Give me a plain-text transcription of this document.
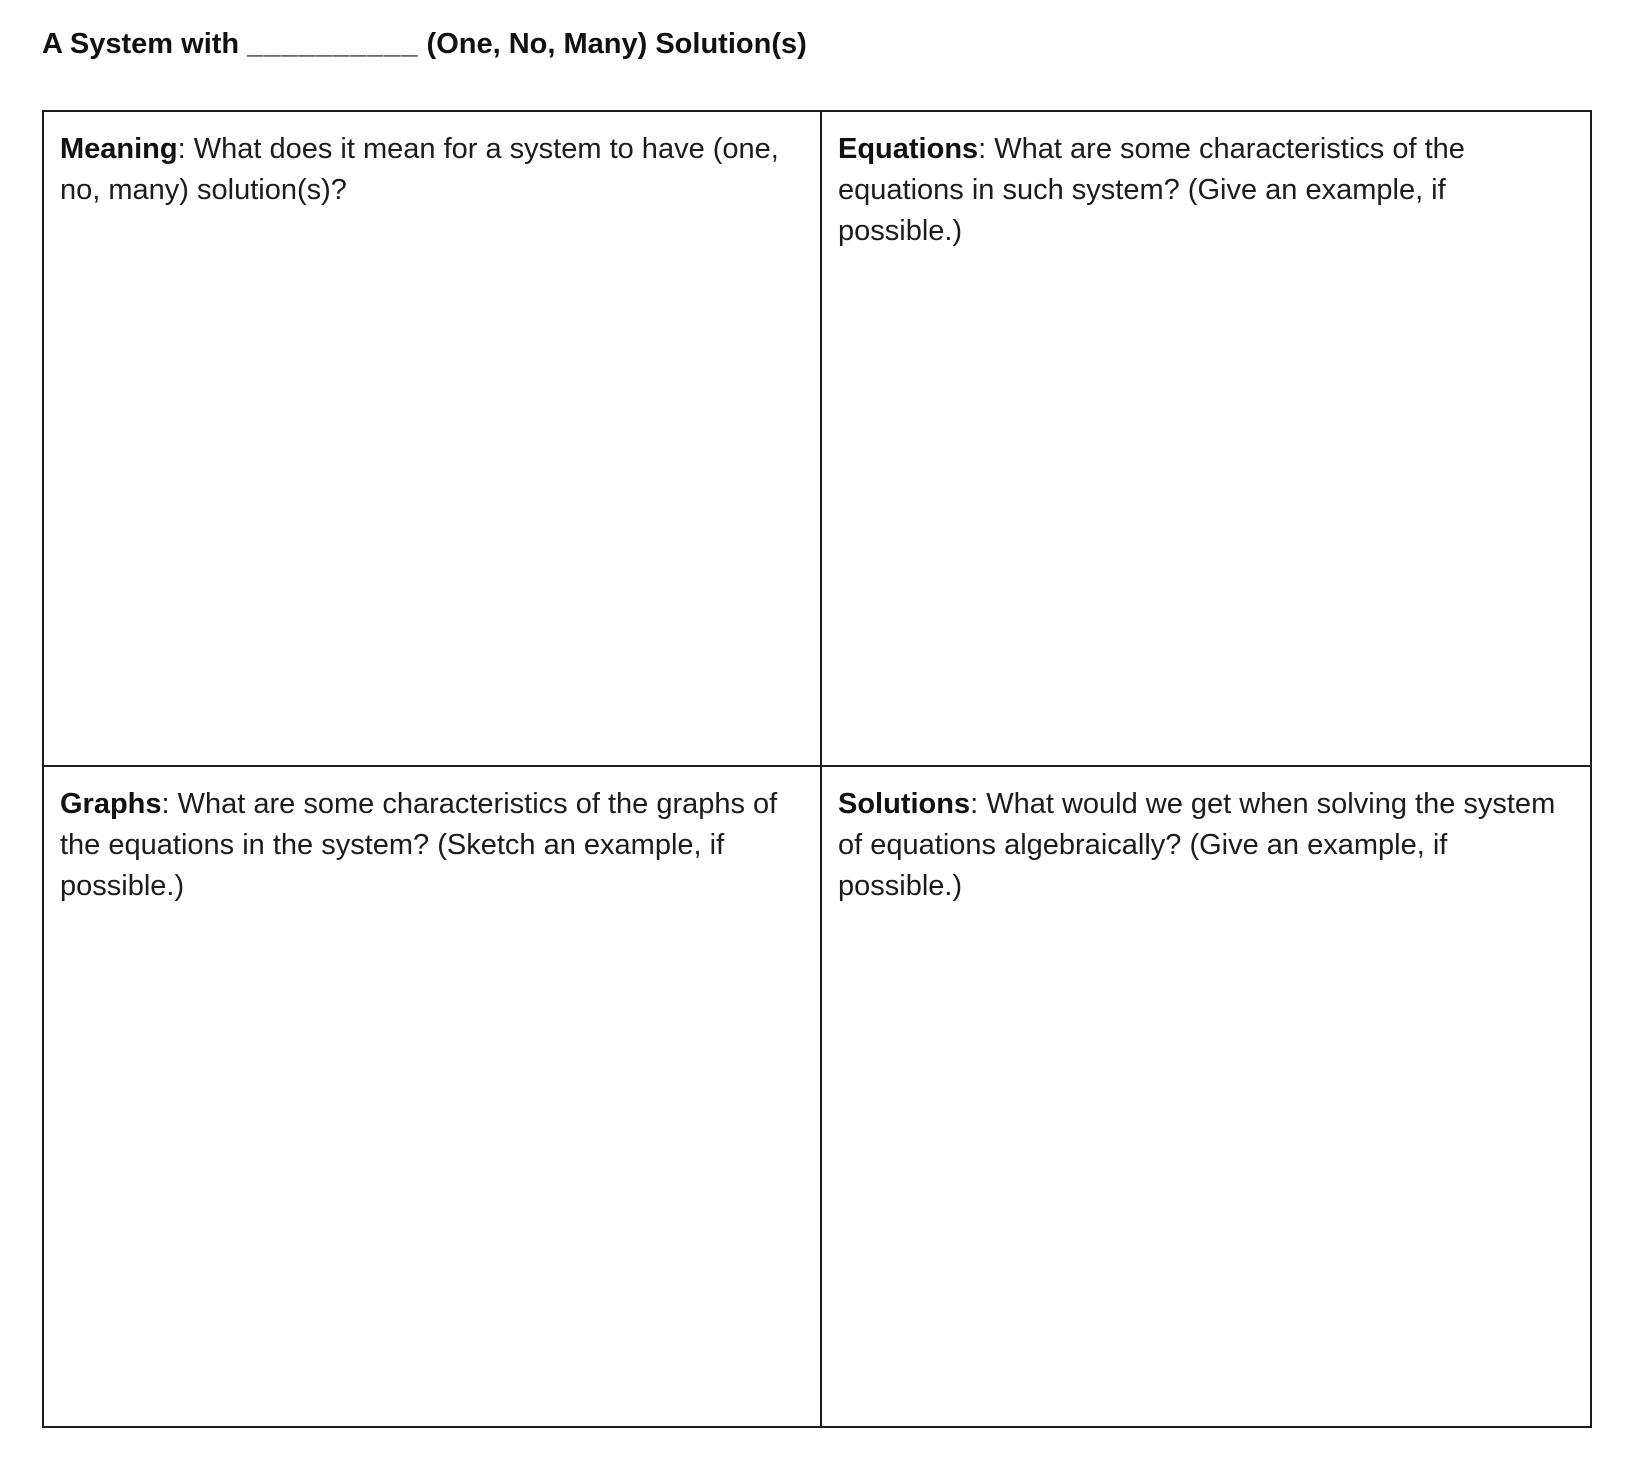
A System with __________ (One, No, Many) Solution(s)

Meaning: What does it mean for a system to have (one, no, many) solution(s)?

Equations: What are some characteristics of the equations in such system? (Give an example, if possible.)

Graphs: What are some characteristics of the graphs of the equations in the system? (Sketch an example, if possible.)

Solutions: What would we get when solving the system of equations algebraically? (Give an example, if possible.)
